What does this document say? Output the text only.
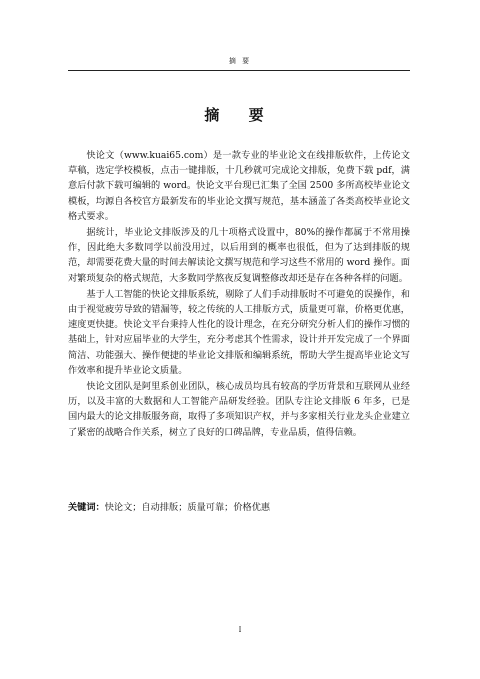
摘 要
摘 要

快论文（www.kuai65.com）是一款专业的毕业论文在线排版软件，上传论文草稿，选定学校模板，点击一键排版，十几秒就可完成论文排版，免费下载 pdf，满意后付款下载可编辑的 word。快论文平台现已汇集了全国 2500 多所高校毕业论文模板，均源自各校官方最新发布的毕业论文撰写规范，基本涵盖了各类高校毕业论文格式要求。

据统计，毕业论文排版涉及的几十项格式设置中，80%的操作都属于不常用操作，因此绝大多数同学以前没用过，以后用到的概率也很低，但为了达到排版的规范，却需要花费大量的时间去解读论文撰写规范和学习这些不常用的 word 操作。面对繁琐复杂的格式规范，大多数同学熬夜反复调整修改却还是存在各种各样的问题。

基于人工智能的快论文排版系统，剔除了人们手动排版时不可避免的误操作，和由于视觉疲劳导致的错漏等，较之传统的人工排版方式，质量更可靠，价格更优惠，速度更快捷。快论文平台秉持人性化的设计理念，在充分研究分析人们的操作习惯的基础上，针对应届毕业的大学生，充分考虑其个性需求，设计并开发完成了一个界面简洁、功能强大、操作便捷的毕业论文排版和编辑系统，帮助大学生提高毕业论文写作效率和提升毕业论文质量。

快论文团队是阿里系创业团队，核心成员均具有较高的学历背景和互联网从业经历，以及丰富的大数据和人工智能产品研发经验。团队专注论文排版 6 年多，已是国内最大的论文排版服务商，取得了多项知识产权，并与多家相关行业龙头企业建立了紧密的战略合作关系，树立了良好的口碑品牌，专业品质，值得信赖。

关键词：快论文；自动排版；质量可靠；价格优惠
I
